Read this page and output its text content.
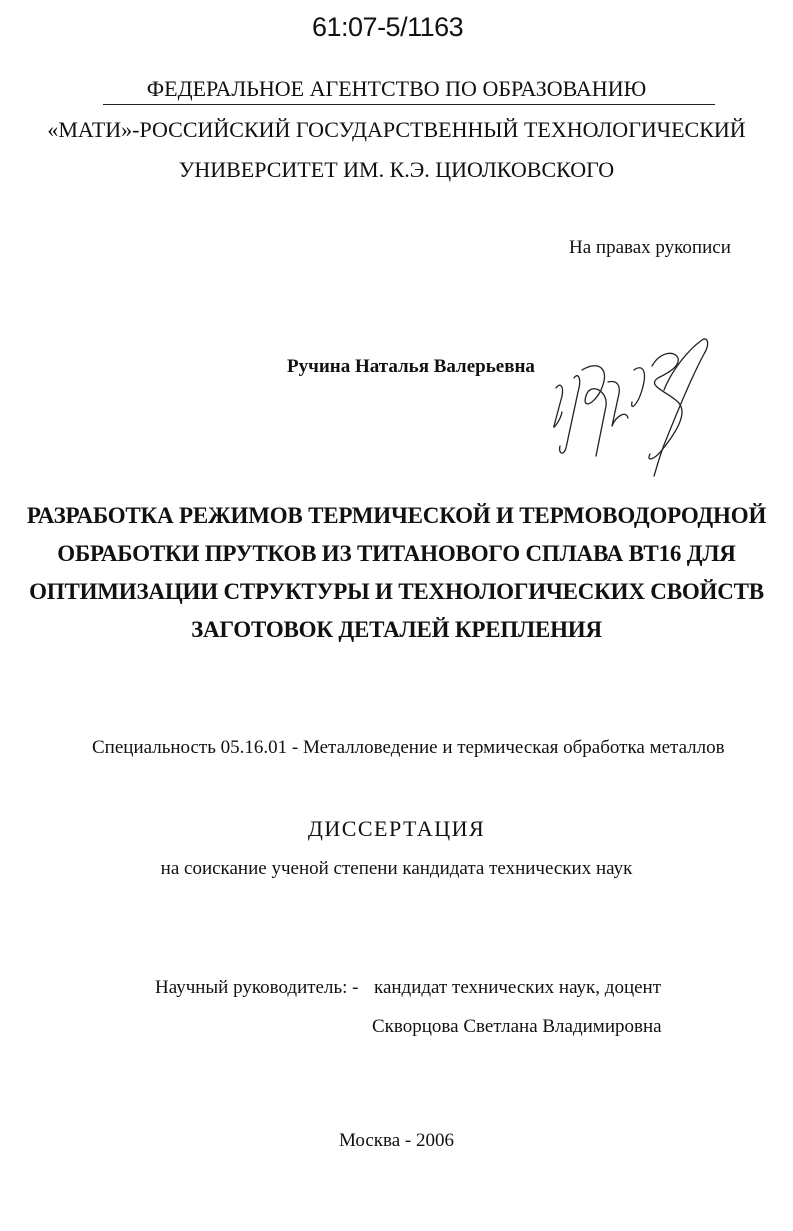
61:07-5/1163
ФЕДЕРАЛЬНОЕ АГЕНТСТВО ПО ОБРАЗОВАНИЮ
«МАТИ»-РОССИЙСКИЙ ГОСУДАРСТВЕННЫЙ ТЕХНОЛОГИЧЕСКИЙ
УНИВЕРСИТЕТ ИМ. К.Э. ЦИОЛКОВСКОГО
На правах рукописи
Ручина Наталья Валерьевна
РАЗРАБОТКА РЕЖИМОВ ТЕРМИЧЕСКОЙ И ТЕРМОВОДОРОДНОЙ
ОБРАБОТКИ ПРУТКОВ ИЗ ТИТАНОВОГО СПЛАВА ВТ16 ДЛЯ
ОПТИМИЗАЦИИ СТРУКТУРЫ И ТЕХНОЛОГИЧЕСКИХ СВОЙСТВ
ЗАГОТОВОК ДЕТАЛЕЙ КРЕПЛЕНИЯ
Специальность 05.16.01 - Металловедение и термическая обработка металлов
ДИССЕРТАЦИЯ
на соискание ученой степени кандидата технических наук
Научный руководитель: - кандидат технических наук, доцент
Скворцова Светлана Владимировна
Москва - 2006
